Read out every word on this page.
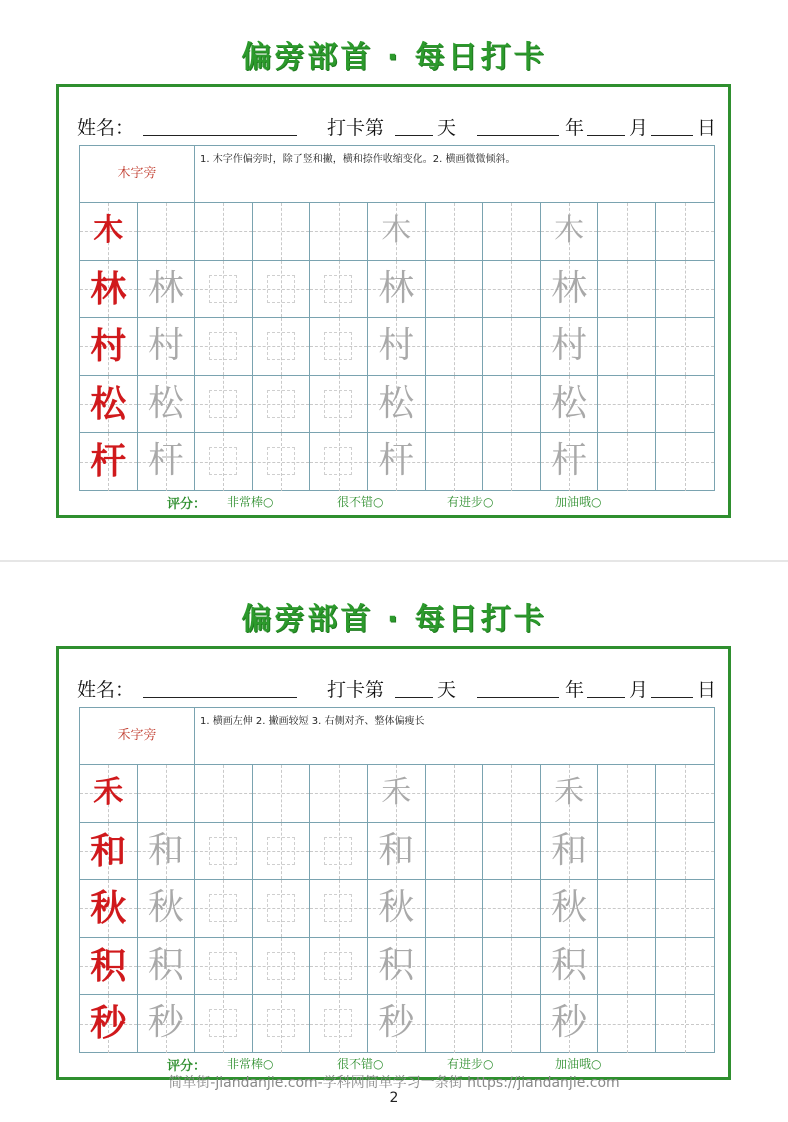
偏旁部首 · 每日打卡
姓名：	打卡第	天	年 月	日
木字旁
1. 木字作偏旁时，除了竖和撇，横和捺作收缩变化。2. 横画微微倾斜。
木	木	木
林 林	林	林
村 村	村	村
松 松	松	松
杆 杆	杆	杆
评分： 非常棒○	很不错○	有进步○	加油哦○
偏旁部首 · 每日打卡
姓名：	打卡第	天	年 月	日
禾字旁
1. 横画左伸 2. 撇画较短 3. 右侧对齐、整体偏瘦长
禾	禾	禾
和 和	和	和
秋 秋	秋	秋
积 积	积	积
秒 秒	秒	秒
评分： 非常棒○	很不错○	有进步○	加油哦○
简单街-jiandanjie.com-学科网简单学习一条街 https://jiandanjie.com
2
